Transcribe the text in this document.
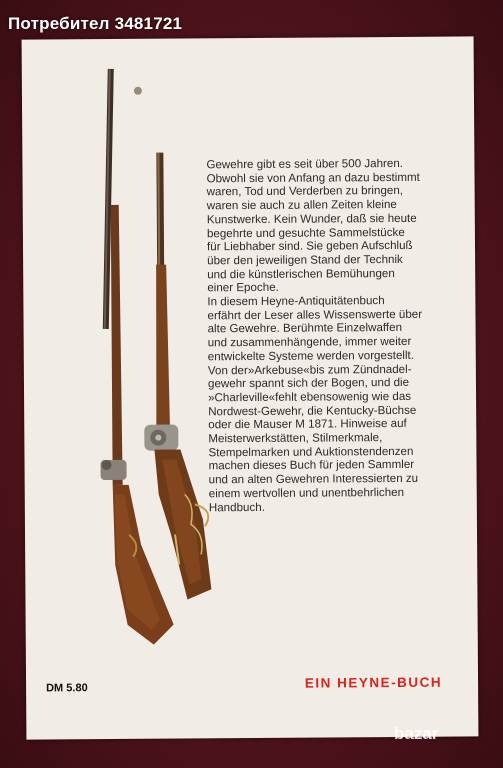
Gewehre gibt es seit über 500 Jahren.
Obwohl sie von Anfang an dazu bestimmt
waren, Tod und Verderben zu bringen,
waren sie auch zu allen Zeiten kleine
Kunstwerke. Kein Wunder, daß sie heute
begehrte und gesuchte Sammelstücke
für Liebhaber sind. Sie geben Aufschluß
über den jeweiligen Stand der Technik
und die künstlerischen Bemühungen
einer Epoche.
In diesem Heyne-Antiquitätenbuch
erfährt der Leser alles Wissenswerte über
alte Gewehre. Berühmte Einzelwaffen
und zusammenhängende, immer weiter
entwickelte Systeme werden vorgestellt.
Von der»Arkebuse«bis zum Zündnadel-
gewehr spannt sich der Bogen, und die
»Charleville«fehlt ebensowenig wie das
Nordwest-Gewehr, die Kentucky-Büchse
oder die Mauser M 1871. Hinweise auf
Meisterwerkstätten, Stilmerkmale,
Stempelmarken und Auktionstendenzen
machen dieses Buch für jeden Sammler
und an alten Gewehren Interessierten zu
einem wertvollen und unentbehrlichen
Handbuch.
DM 5.80	EIN HEYNE-BUCH
Потребител 3481721
bazar
